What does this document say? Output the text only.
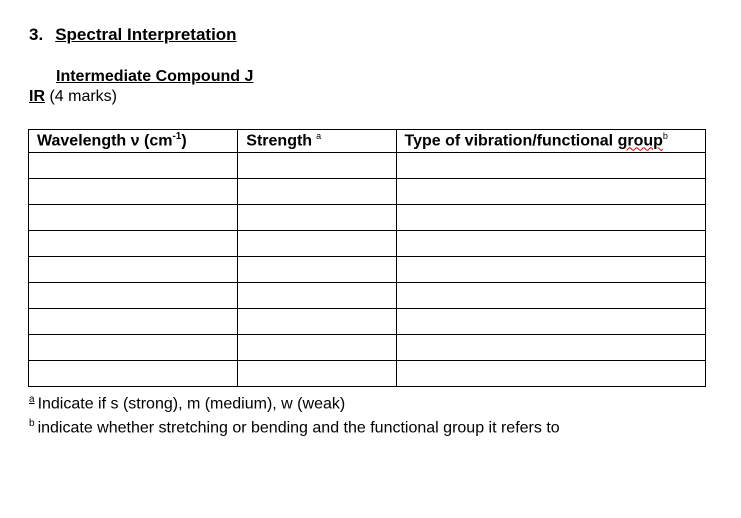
3. Spectral Interpretation
Intermediate Compound J
IR (4 marks)
Wavelength ν $(cm^{-1})$	Strength $^a$	Type of vibration/functional group$^b$

$^a$ Indicate if s (strong), m (medium), w (weak)
$^b$ indicate whether stretching or bending and the functional group it refers to
